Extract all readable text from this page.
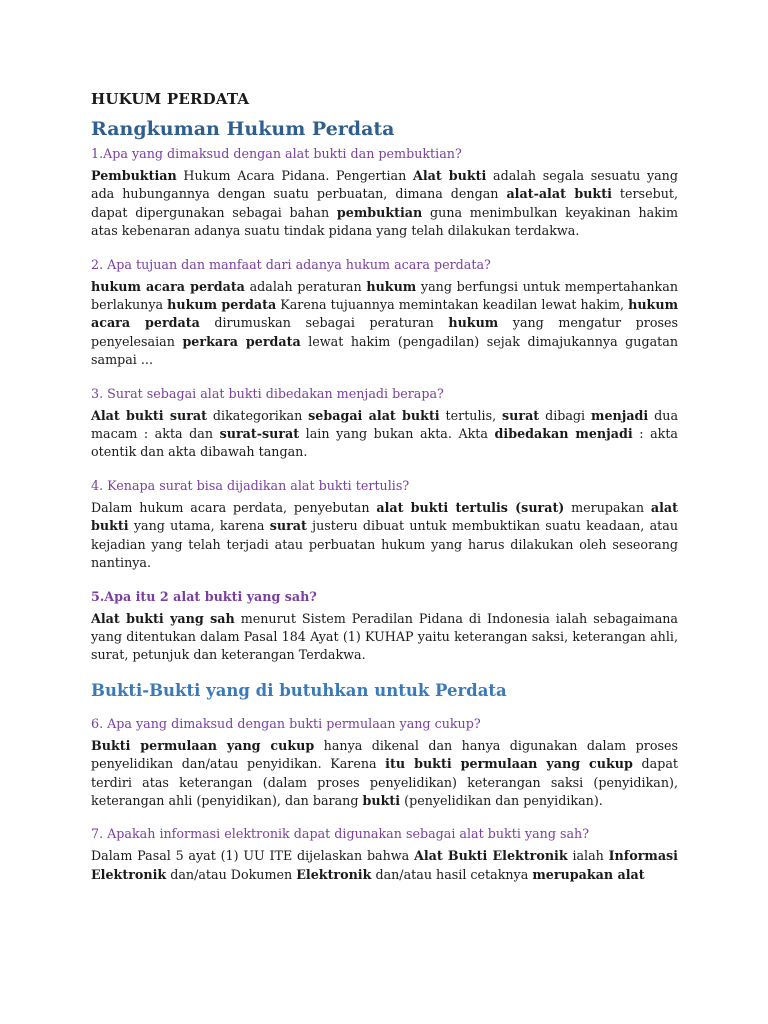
HUKUM PERDATA
Rangkuman Hukum Perdata

1.Apa yang dimaksud dengan alat bukti dan pembuktian?

Pembuktian Hukum Acara Pidana. Pengertian Alat bukti adalah segala sesuatu yang ada hubungannya dengan suatu perbuatan, dimana dengan alat-alat bukti tersebut, dapat dipergunakan sebagai bahan pembuktian guna menimbulkan keyakinan hakim atas kebenaran adanya suatu tindak pidana yang telah dilakukan terdakwa.

2. Apa tujuan dan manfaat dari adanya hukum acara perdata?

hukum acara perdata adalah peraturan hukum yang berfungsi untuk mempertahankan berlakunya hukum perdata Karena tujuannya memintakan keadilan lewat hakim, hukum acara perdata dirumuskan sebagai peraturan hukum yang mengatur proses penyelesaian perkara perdata lewat hakim (pengadilan) sejak dimajukannya gugatan sampai ...

3. Surat sebagai alat bukti dibedakan menjadi berapa?

Alat bukti surat dikategorikan sebagai alat bukti tertulis, surat dibagi menjadi dua macam : akta dan surat-surat lain yang bukan akta. Akta dibedakan menjadi : akta otentik dan akta dibawah tangan.

4. Kenapa surat bisa dijadikan alat bukti tertulis?

Dalam hukum acara perdata, penyebutan alat bukti tertulis (surat) merupakan alat bukti yang utama, karena surat justeru dibuat untuk membuktikan suatu keadaan, atau kejadian yang telah terjadi atau perbuatan hukum yang harus dilakukan oleh seseorang nantinya.

5.Apa itu 2 alat bukti yang sah?

Alat bukti yang sah menurut Sistem Peradilan Pidana di Indonesia ialah sebagaimana yang ditentukan dalam Pasal 184 Ayat (1) KUHAP yaitu keterangan saksi, keterangan ahli, surat, petunjuk dan keterangan Terdakwa.

Bukti-Bukti yang di butuhkan untuk Perdata

6. Apa yang dimaksud dengan bukti permulaan yang cukup?

Bukti permulaan yang cukup hanya dikenal dan hanya digunakan dalam proses penyelidikan dan/atau penyidikan. Karena itu bukti permulaan yang cukup dapat terdiri atas keterangan (dalam proses penyelidikan) keterangan saksi (penyidikan), keterangan ahli (penyidikan), dan barang bukti (penyelidikan dan penyidikan).

7. Apakah informasi elektronik dapat digunakan sebagai alat bukti yang sah?

Dalam Pasal 5 ayat (1) UU ITE dijelaskan bahwa Alat Bukti Elektronik ialah Informasi Elektronik dan/atau Dokumen Elektronik dan/atau hasil cetaknya merupakan alat
